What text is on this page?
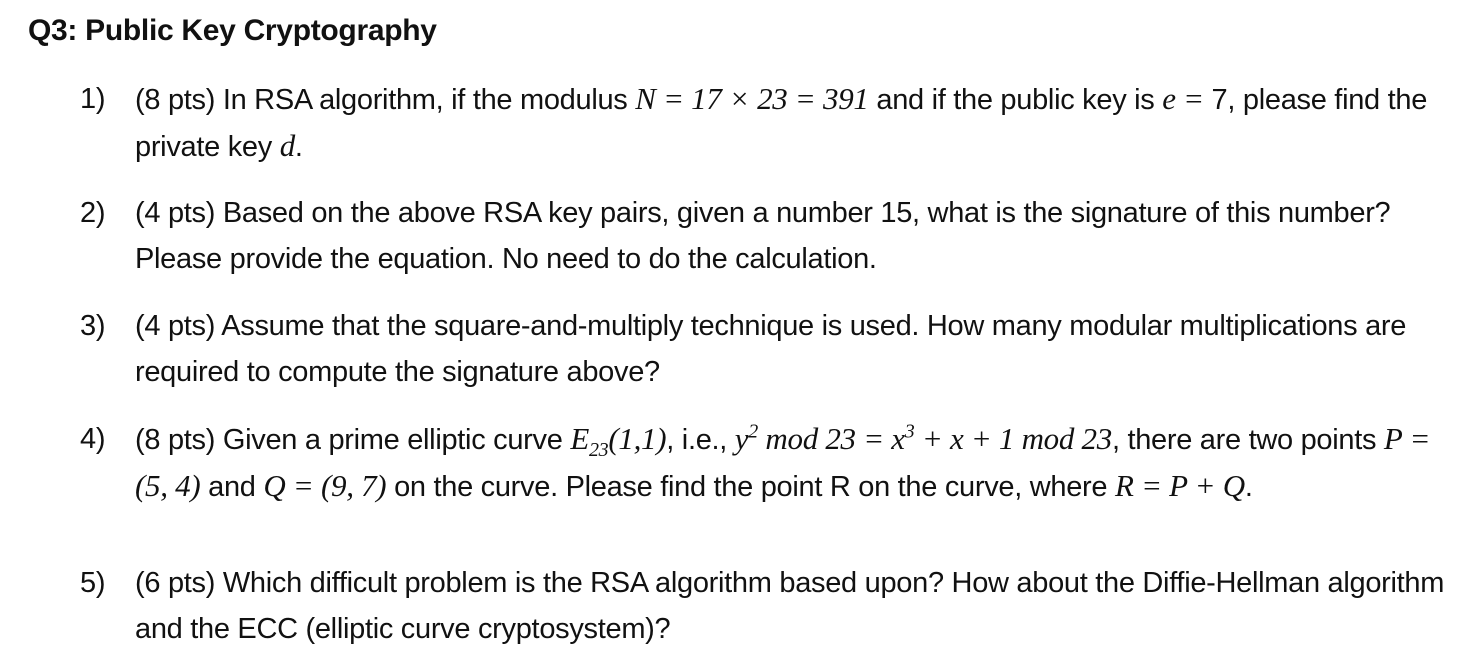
Q3: Public Key Cryptography
1)	(8 pts) In RSA algorithm, if the modulus N = 17 × 23 = 391 and if the public key is e = 7, please find the private key d.
2)	(4 pts) Based on the above RSA key pairs, given a number 15, what is the signature of this number? Please provide the equation. No need to do the calculation.
3)	(4 pts) Assume that the square-and-multiply technique is used. How many modular multiplications are required to compute the signature above?
4)	(8 pts) Given a prime elliptic curve $E_{23}(1,1)$, i.e., $y^2$ mod $23 = x^3 + x + 1$ mod 23, there are two points P = (5, 4) and Q = (9, 7) on the curve. Please find the point R on the curve, where R = P + Q.
5)	(6 pts) Which difficult problem is the RSA algorithm based upon? How about the Diffie-Hellman algorithm and the ECC (elliptic curve cryptosystem)?
